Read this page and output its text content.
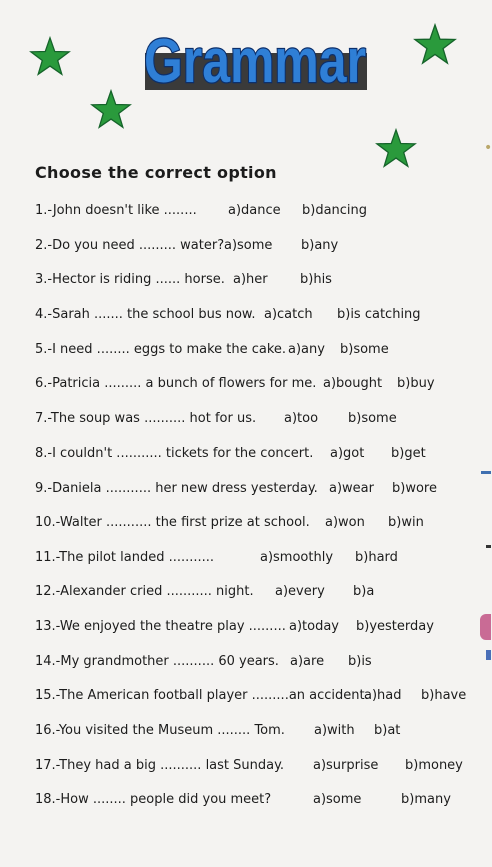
Grammar
Choose the correct option
1.-John doesn't like ........ a)dance b)dancing
2.-Do you need ......... water? a)some b)any
3.-Hector is riding ...... horse. a)her b)his
4.-Sarah ....... the school bus now. a)catch b)is catching
5.-I need ........ eggs to make the cake. a)any b)some
6.-Patricia ......... a bunch of flowers for me. a)bought b)buy
7.-The soup was .......... hot for us. a)too b)some
8.-I couldn't ........... tickets for the concert. a)got b)get
9.-Daniela ........... her new dress yesterday. a)wear b)wore
10.-Walter ........... the first prize at school. a)won b)win
11.-The pilot landed ...........	a)smoothly b)hard
12.-Alexander cried ........... night. a)every b)a
13.-We enjoyed the theatre play ......... a)today b)yesterday
14.-My grandmother .......... 60 years. a)are b)is
15.-The American football player .........an accident.
a)had b)have
16.-You visited the Museum ........ Tom. a)with b)at
17.-They had a big .......... last Sunday. a)surprise b)money
18.-How ........ people did you meet?	a)some	b)many
•
